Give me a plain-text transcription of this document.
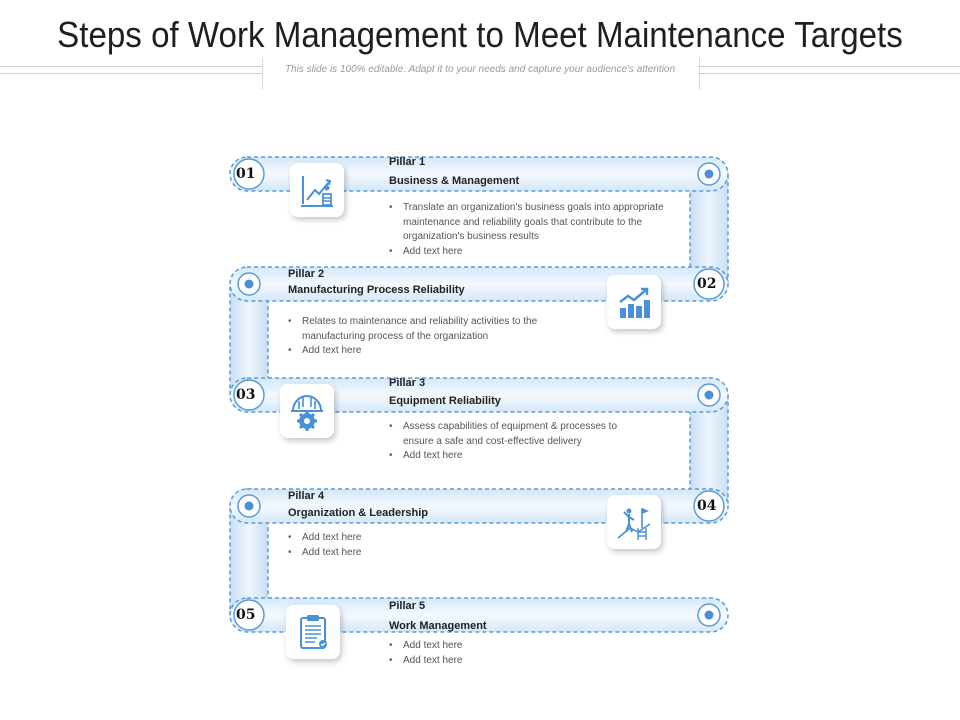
Steps of Work Management to Meet Maintenance Targets
This slide is 100% editable. Adapt it to your needs and capture your audience's attention
01
02
03
04
05
Pillar 1
Business & Management
• Translate an organization's business goals into appropriate maintenance and reliability goals that contribute to the organization's business results
• Add text here
Pillar 2
Manufacturing Process Reliability
• Relates to maintenance and reliability activities to the manufacturing process of the organization
• Add text here
Pillar 3
Equipment Reliability
• Assess capabilities of equipment & processes to ensure a safe and cost-effective delivery
• Add text here
Pillar 4
Organization & Leadership
• Add text here
• Add text here
Pillar 5
Work Management
• Add text here
• Add text here
